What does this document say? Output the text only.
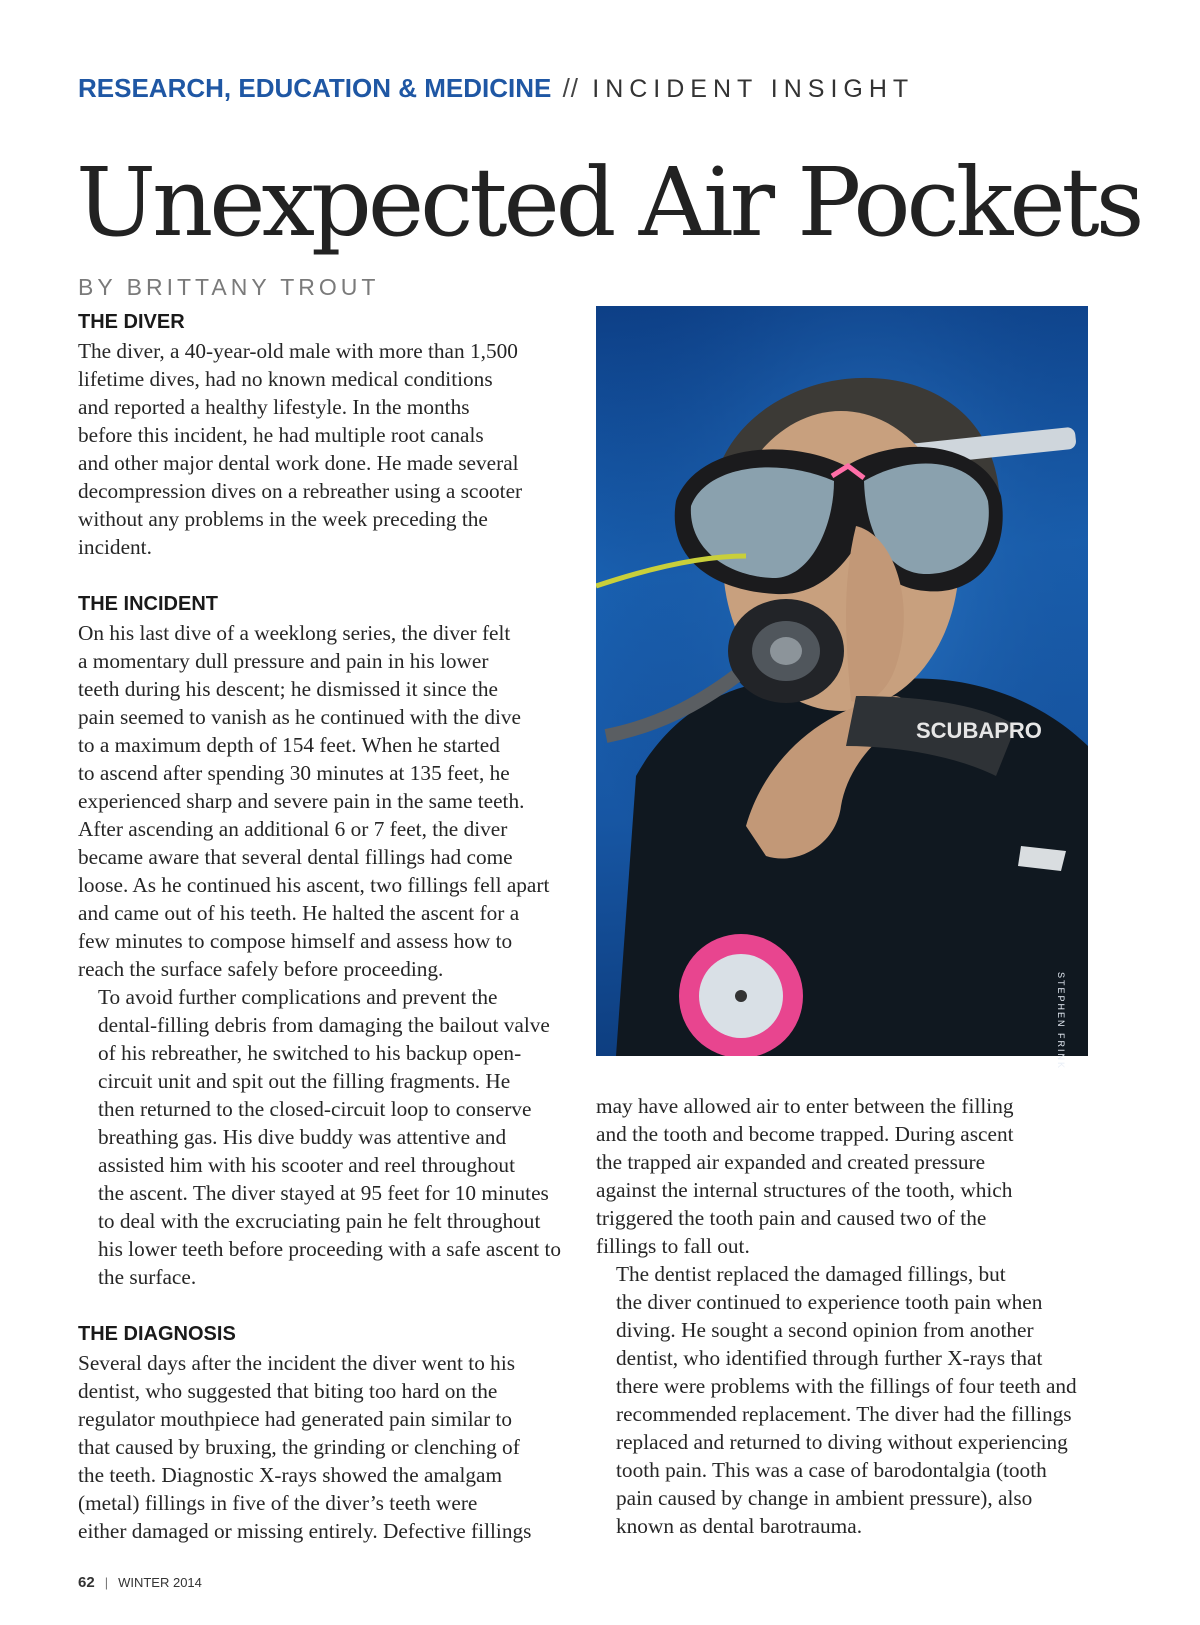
RESEARCH, EDUCATION & MEDICINE // INCIDENT INSIGHT
Unexpected Air Pockets
BY BRITTANY TROUT
THE DIVER

The diver, a 40-year-old male with more than 1,500
lifetime dives, had no known medical conditions
and reported a healthy lifestyle. In the months
before this incident, he had multiple root canals
and other major dental work done. He made several
decompression dives on a rebreather using a scooter
without any problems in the week preceding the
incident.

THE INCIDENT

On his last dive of a weeklong series, the diver felt
a momentary dull pressure and pain in his lower
teeth during his descent; he dismissed it since the
pain seemed to vanish as he continued with the dive
to a maximum depth of 154 feet. When he started
to ascend after spending 30 minutes at 135 feet, he
experienced sharp and severe pain in the same teeth.
After ascending an additional 6 or 7 feet, the diver
became aware that several dental fillings had come
loose. As he continued his ascent, two fillings fell apart
and came out of his teeth. He halted the ascent for a
few minutes to compose himself and assess how to
reach the surface safely before proceeding.

To avoid further complications and prevent the
dental-filling debris from damaging the bailout valve
of his rebreather, he switched to his backup open-
circuit unit and spit out the filling fragments. He
then returned to the closed-circuit loop to conserve
breathing gas. His dive buddy was attentive and
assisted him with his scooter and reel throughout
the ascent. The diver stayed at 95 feet for 10 minutes
to deal with the excruciating pain he felt throughout
his lower teeth before proceeding with a safe ascent to
the surface.

THE DIAGNOSIS

Several days after the incident the diver went to his
dentist, who suggested that biting too hard on the
regulator mouthpiece had generated pain similar to
that caused by bruxing, the grinding or clenching of
the teeth. Diagnostic X-rays showed the amalgam
(metal) fillings in five of the diver’s teeth were
either damaged or missing entirely. Defective fillings

SCUBAPRO
STEPHEN FRINK

may have allowed air to enter between the filling
and the tooth and become trapped. During ascent
the trapped air expanded and created pressure
against the internal structures of the tooth, which
triggered the tooth pain and caused two of the
fillings to fall out.

The dentist replaced the damaged fillings, but
the diver continued to experience tooth pain when
diving. He sought a second opinion from another
dentist, who identified through further X-rays that
there were problems with the fillings of four teeth and
recommended replacement. The diver had the fillings
replaced and returned to diving without experiencing
tooth pain. This was a case of barodontalgia (tooth
pain caused by change in ambient pressure), also
known as dental barotrauma.

62 | WINTER 2014
